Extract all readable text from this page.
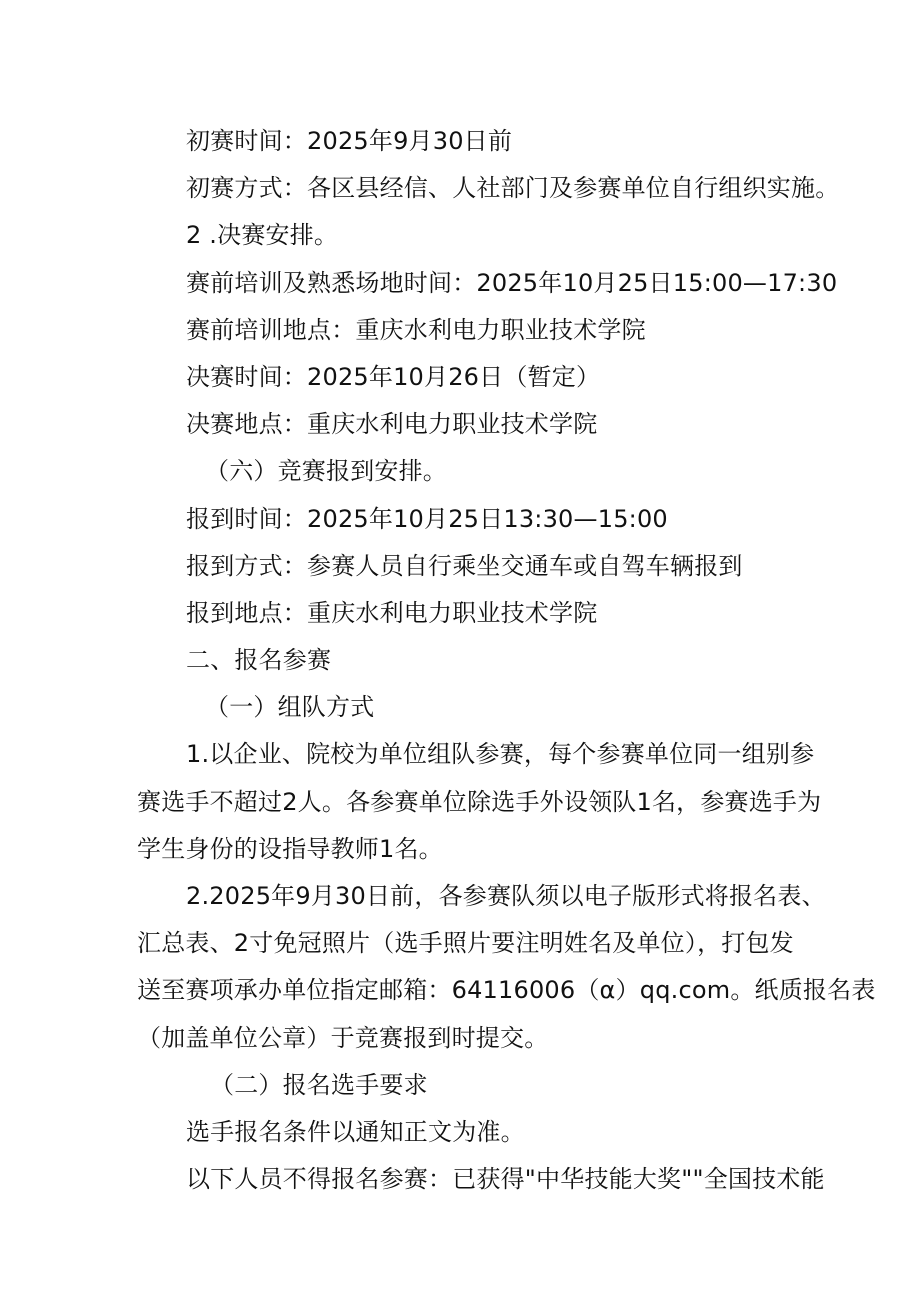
初赛时间：2025年9月30日前
初赛方式：各区县经信、人社部门及参赛单位自行组织实施。
2 .决赛安排。
赛前培训及熟悉场地时间：2025年10月25日15:00—17:30
赛前培训地点：重庆水利电力职业技术学院
决赛时间：2025年10月26日（暂定）
决赛地点：重庆水利电力职业技术学院
（六）竞赛报到安排。
报到时间：2025年10月25日13:30—15:00
报到方式：参赛人员自行乘坐交通车或自驾车辆报到
报到地点：重庆水利电力职业技术学院
二、报名参赛
（一）组队方式
1.以企业、院校为单位组队参赛，每个参赛单位同一组别参
赛选手不超过2人。各参赛单位除选手外设领队1名，参赛选手为
学生身份的设指导教师1名。
2.2025年9月30日前，各参赛队须以电子版形式将报名表、
汇总表、2寸免冠照片（选手照片要注明姓名及单位），打包发
送至赛项承办单位指定邮箱：64116006（α）qq.com。纸质报名表
（加盖单位公章）于竞赛报到时提交。
（二）报名选手要求
选手报名条件以通知正文为准。
以下人员不得报名参赛：已获得"中华技能大奖""全国技术能
